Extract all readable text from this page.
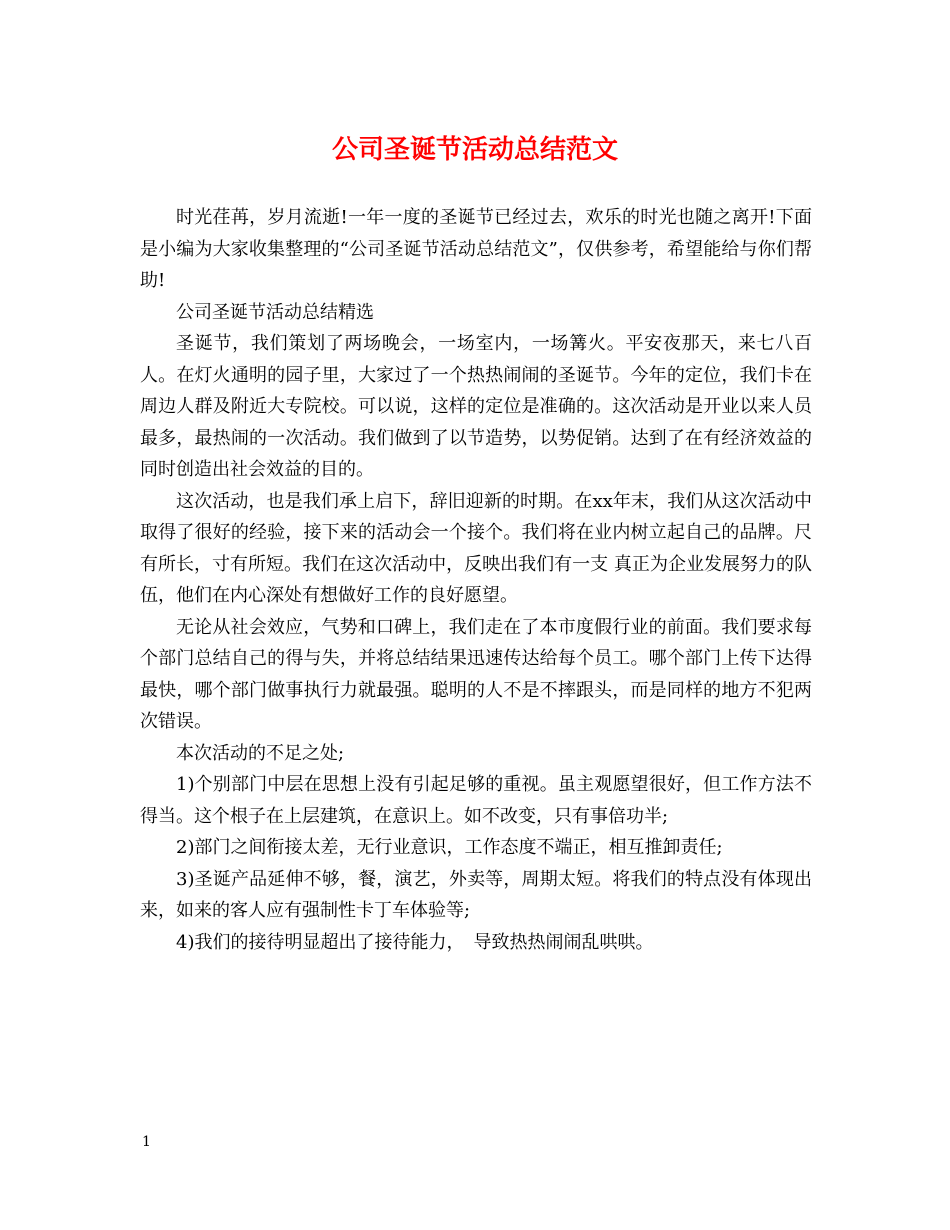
公司圣诞节活动总结范文

时光荏苒，岁月流逝!一年一度的圣诞节已经过去，欢乐的时光也随之离开!下面是小编为大家收集整理的“公司圣诞节活动总结范文”，仅供参考，希望能给与你们帮助!

公司圣诞节活动总结精选

圣诞节，我们策划了两场晚会，一场室内，一场篝火。平安夜那天，来七八百人。在灯火通明的园子里，大家过了一个热热闹闹的圣诞节。今年的定位，我们卡在周边人群及附近大专院校。可以说，这样的定位是准确的。这次活动是开业以来人员最多，最热闹的一次活动。我们做到了以节造势，以势促销。达到了在有经济效益的同时创造出社会效益的目的。

这次活动，也是我们承上启下，辞旧迎新的时期。在xx年末，我们从这次活动中取得了很好的经验，接下来的活动会一个接个。我们将在业内树立起自己的品牌。尺有所长，寸有所短。我们在这次活动中，反映出我们有一支 真正为企业发展努力的队伍，他们在内心深处有想做好工作的良好愿望。

无论从社会效应，气势和口碑上，我们走在了本市度假行业的前面。我们要求每个部门总结自己的得与失，并将总结结果迅速传达给每个员工。哪个部门上传下达得最快，哪个部门做事执行力就最强。聪明的人不是不摔跟头，而是同样的地方不犯两次错误。

本次活动的不足之处;

1)个别部门中层在思想上没有引起足够的重视。虽主观愿望很好，但工作方法不得当。这个根子在上层建筑，在意识上。如不改变，只有事倍功半;

2)部门之间衔接太差，无行业意识，工作态度不端正，相互推卸责任;

3)圣诞产品延伸不够，餐，演艺，外卖等，周期太短。将我们的特点没有体现出来，如来的客人应有强制性卡丁车体验等;

4)我们的接待明显超出了接待能力，　导致热热闹闹乱哄哄。

1
